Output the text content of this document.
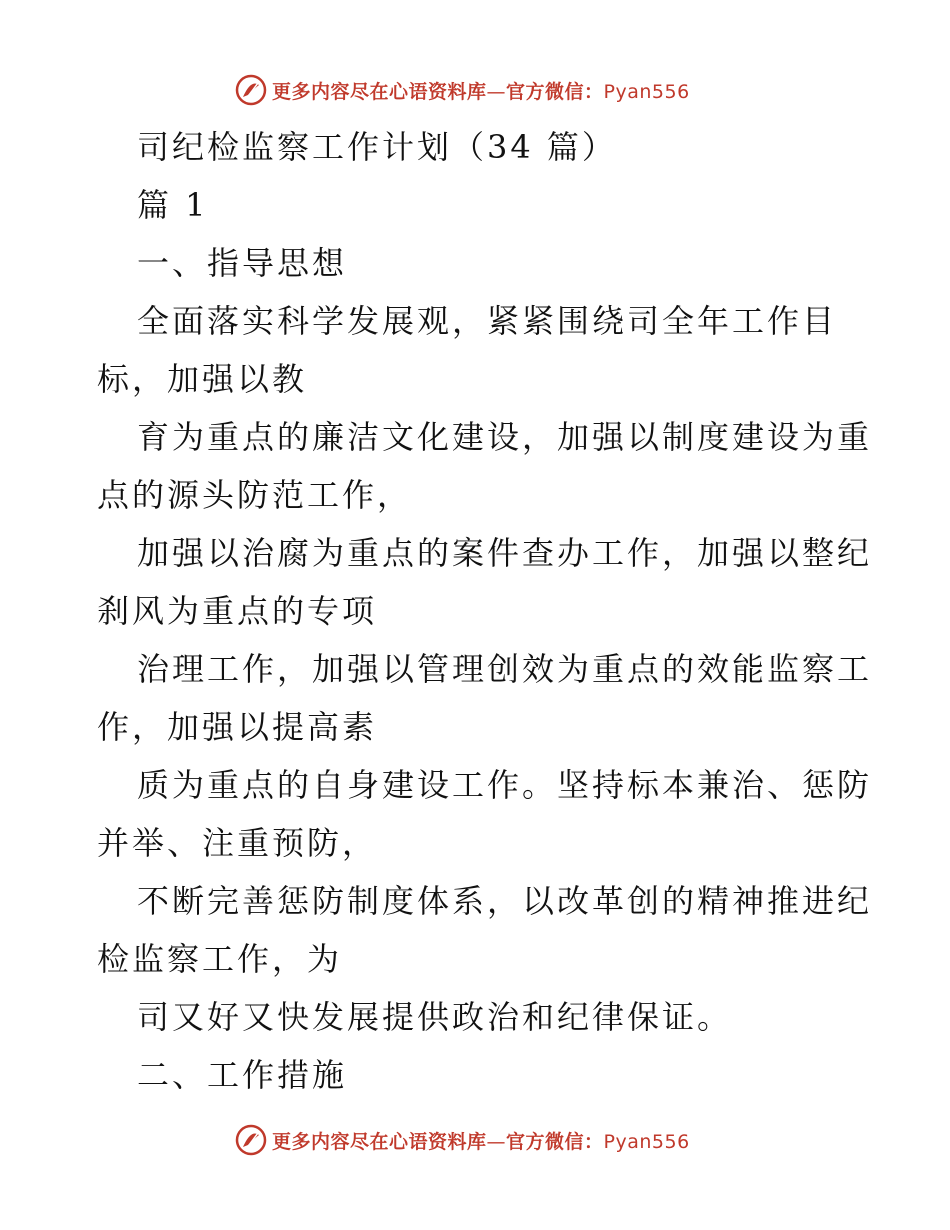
更多内容尽在心语资料库—官方微信：Pyan556

司纪检监察工作计划（34 篇）

篇 1

一、指导思想

全面落实科学发展观，紧紧围绕司全年工作目

标，加强以教

育为重点的廉洁文化建设，加强以制度建设为重

点的源头防范工作，

加强以治腐为重点的案件查办工作，加强以整纪

刹风为重点的专项

治理工作，加强以管理创效为重点的效能监察工

作，加强以提高素

质为重点的自身建设工作。坚持标本兼治、惩防

并举、注重预防，

不断完善惩防制度体系，以改革创的精神推进纪

检监察工作，为

司又好又快发展提供政治和纪律保证。

二、工作措施

更多内容尽在心语资料库—官方微信：Pyan556
